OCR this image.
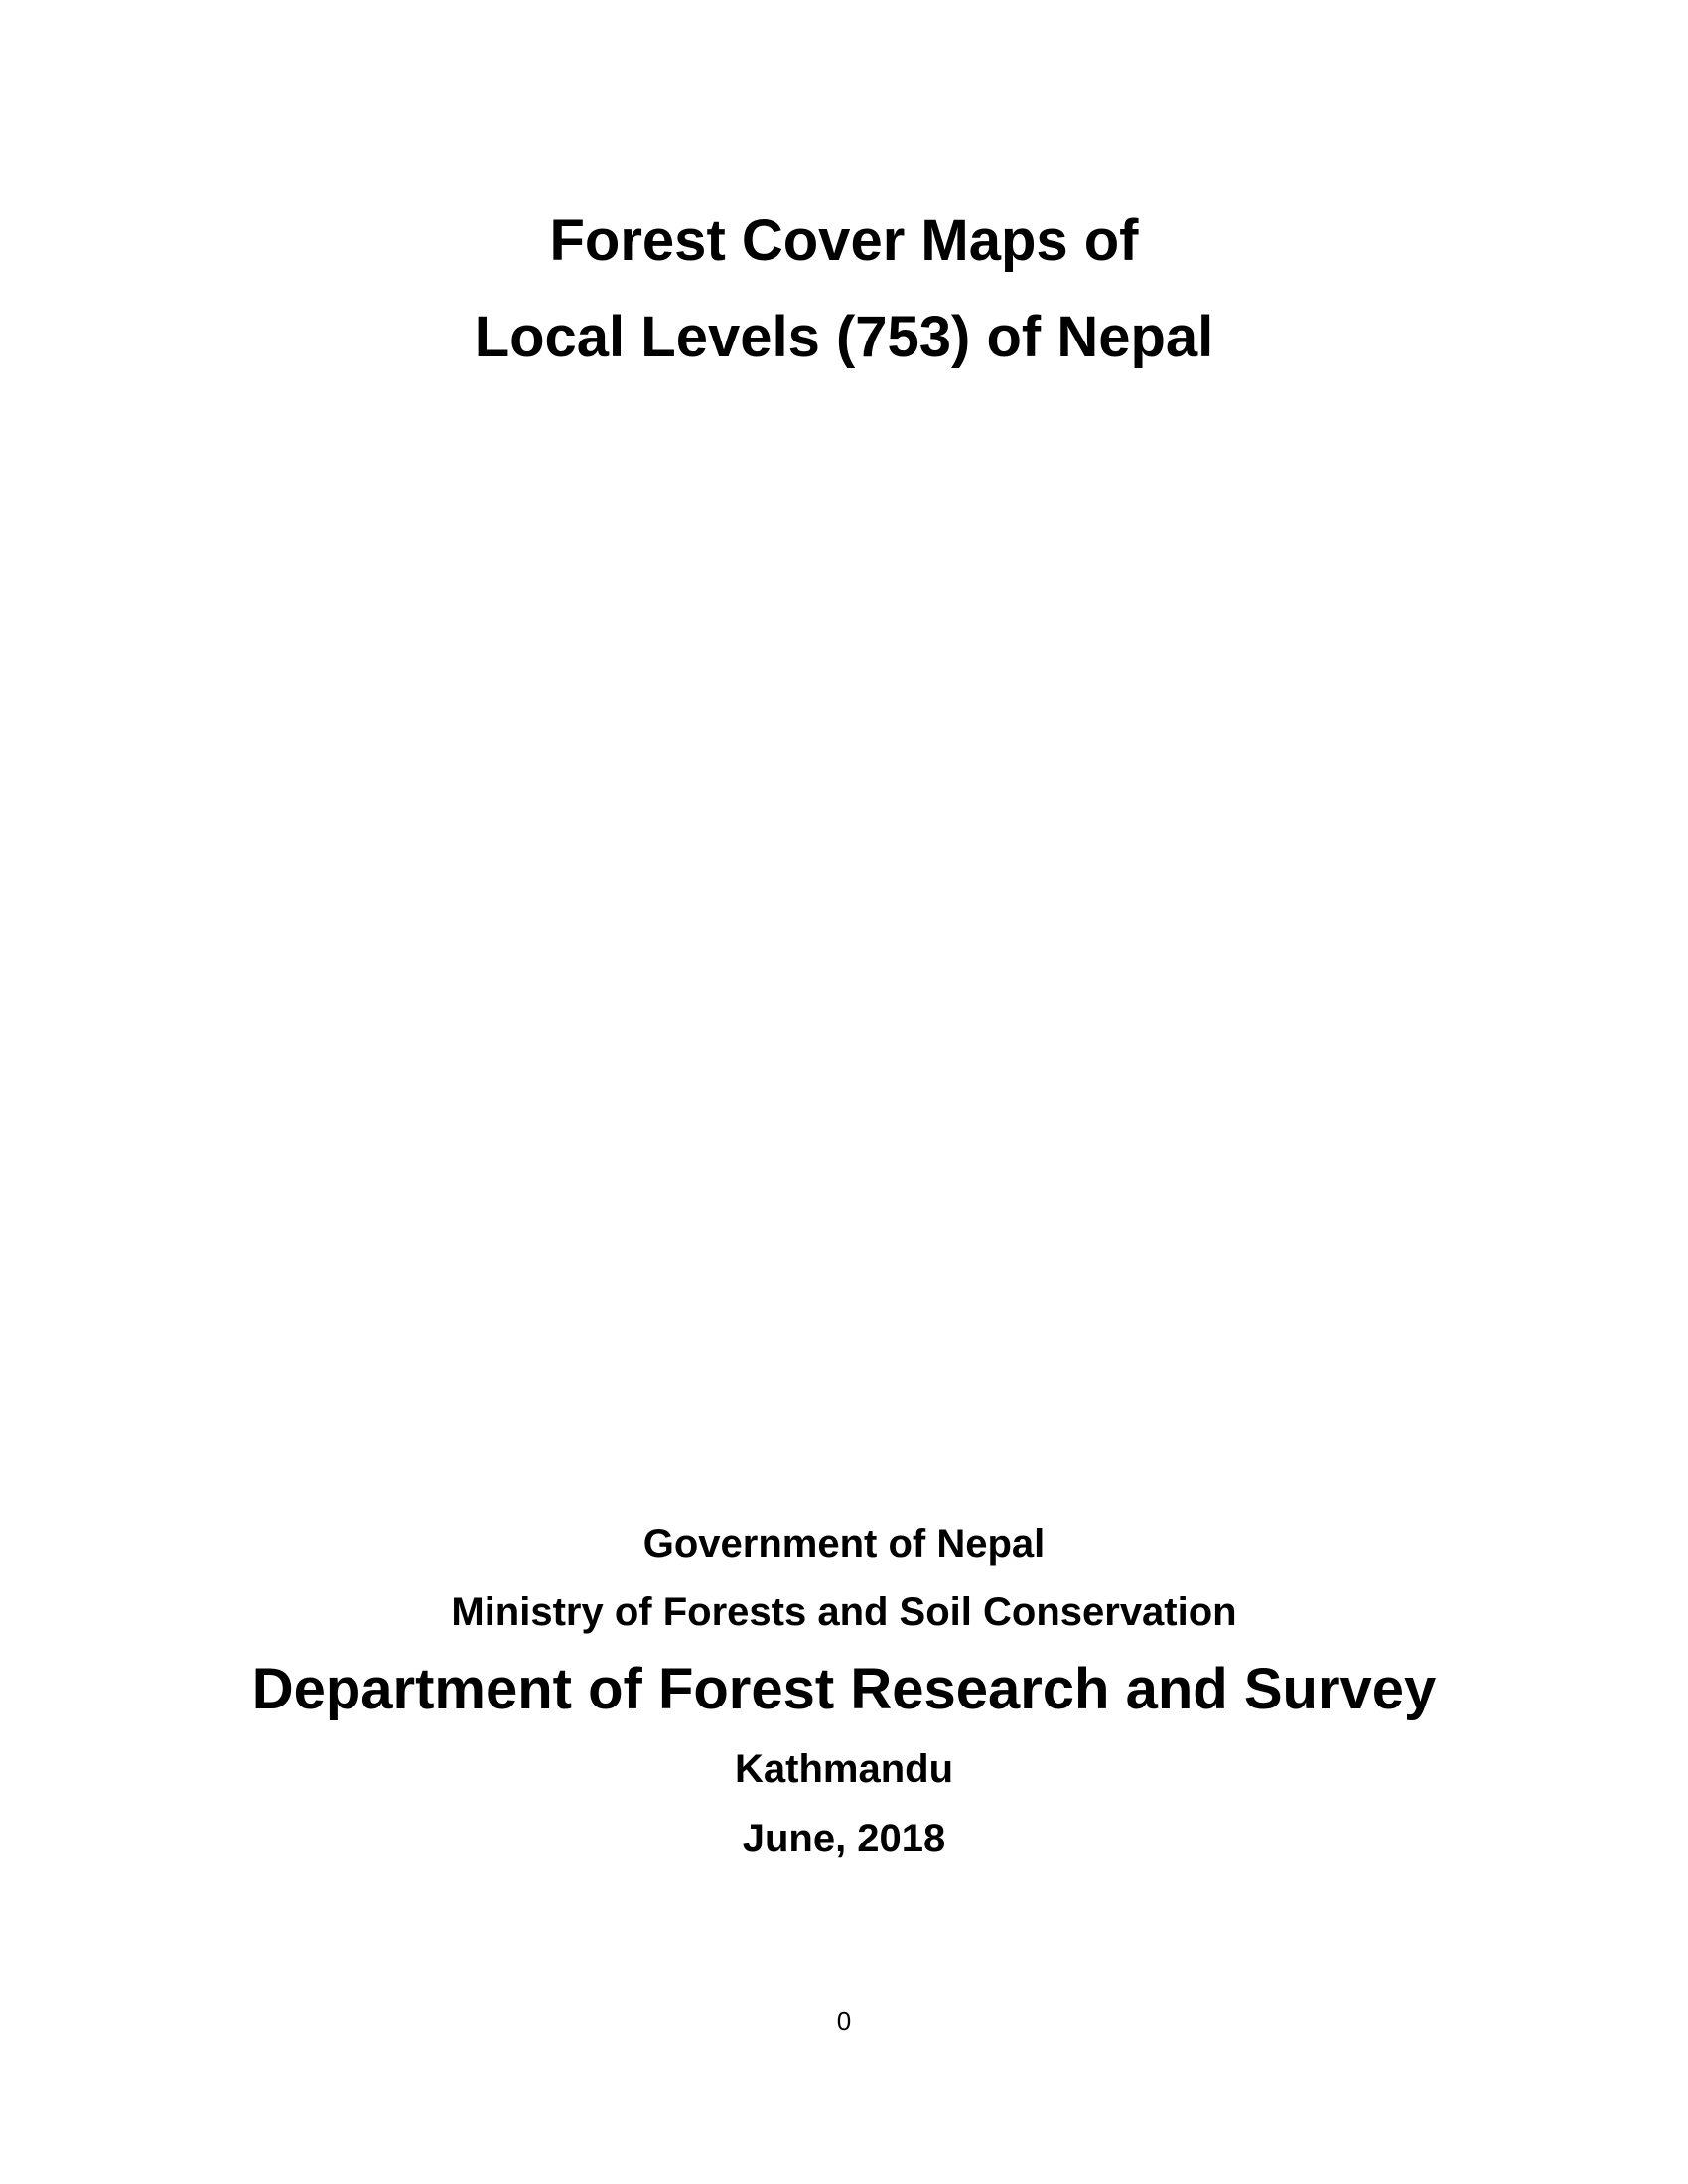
Forest Cover Maps of
Local Levels (753) of Nepal

Government of Nepal

Ministry of Forests and Soil Conservation

Department of Forest Research and Survey

Kathmandu

June, 2018

0
